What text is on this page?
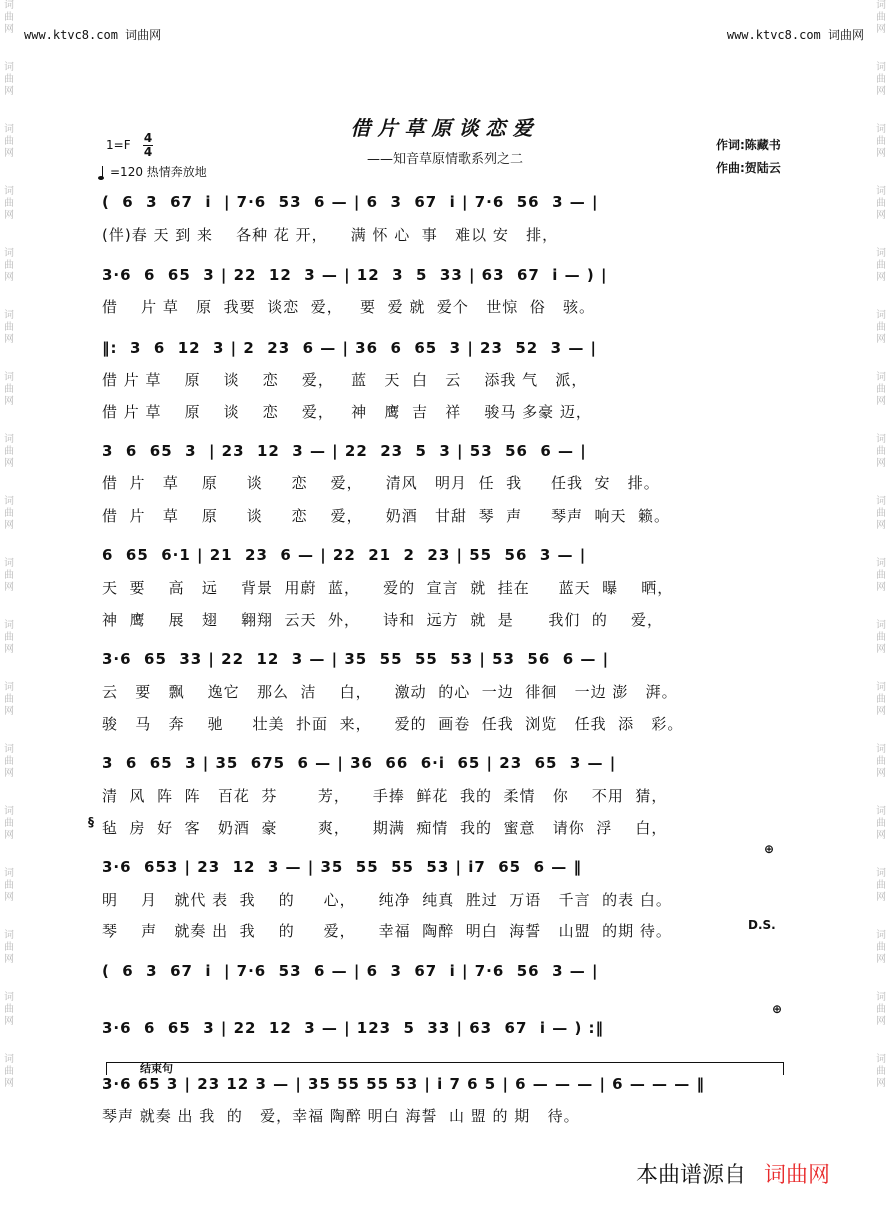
词
曲
网
词
曲
网
词
曲
网
词
曲
网
词
曲
网
词
曲
网
词
曲
网
词
曲
网
词
曲
网
词
曲
网
词
曲
网
词
曲
网
词
曲
网
词
曲
网
词
曲
网
词
曲
网
词
曲
网
词
曲
网
词
曲
网
词
曲
网
词
曲
网
词
曲
网
词
曲
网
词
曲
网
词
曲
网
词
曲
网
词
曲
网
词
曲
网
词
曲
网
词
曲
网
词
曲
网
词
曲
网
词
曲
网
词
曲
网
词
曲
网
词
曲
网
www.ktvc8.com 词曲网	www.ktvc8.com 词曲网
借片草原谈恋爱
——知音草原情歌系列之二
1=F 4
4
=120 热情奔放地
作词:陈藏书
作曲:贺陆云
(  6  3  67  i  | 7·6  53  6 — | 6  3  67  i | 7·6  56  3 — |
(伴)春 天 到 来    各种 花 开，    满 怀 心  事   难以 安   排，
3·6  6  65  3 | 22  12  3 — | 12  3  5  33 | 63  67  i — ) |
借    片 草   原  我要  谈恋  爱，   要  爱 就  爱个   世惊  俗   骇。
‖:  3  6  12  3 | 2  23  6 — | 36  6  65  3 | 23  52  3 — |
借 片 草    原    谈    恋    爱，   蓝   天  白   云    添我 气   派，
借 片 草    原    谈    恋    爱，   神   鹰  吉   祥    骏马 多豪 迈，
3  6  65  3  | 23  12  3 — | 22  23  5  3 | 53  56  6 — |
借  片   草    原     谈     恋    爱，    清风   明月  任  我     任我  安   排。
借  片   草    原     谈     恋    爱，    奶酒   甘甜  琴  声     琴声  响天  籁。
6  65  6·1 | 21  23  6 — | 22  21  2  23 | 55  56  3 — |
天  要    高   远    背景  用蔚  蓝，    爱的  宣言  就  挂在     蓝天  曝    晒，
神  鹰    展   翅    翱翔  云天  外，    诗和  远方  就  是      我们  的    爱，
3·6  65  33 | 22  12  3 — | 35  55  55  53 | 53  56  6 — |
云   要   飘    逸它   那么  洁    白，    激动  的心  一边  徘徊   一边 澎   湃。
骏   马   奔    驰     壮美  扑面  来，    爱的  画卷  任我  浏览   任我  添   彩。
3  6  65  3 | 35  675  6 — | 36  66  6·i  65 | 23  65  3 — |
清  风  阵  阵   百花  芬       芳，    手捧  鲜花  我的  柔情   你    不用  猜，
§ 毡  房  好  客   奶酒  豪       爽，    期满  痴情  我的  蜜意   请你  浮    白，
⊕
3·6  653 | 23  12  3 — | 35  55  55  53 | i7  65  6 — ‖
明    月   就代 表  我    的     心，    纯净  纯真  胜过  万语   千言  的表 白。
琴    声   就奏 出  我    的     爱，    幸福  陶醉  明白  海誓   山盟  的期 待。	D.S.
(  6  3  67  i  | 7·6  53  6 — | 6  3  67  i | 7·6  56  3 — |
⊕
3·6  6  65  3 | 22  12  3 — | 123  5  33 | 63  67  i — ) :‖
结束句
3·6 65 3 | 23 12 3 — | 35 55 55 53 | i 7 6 5 | 6 — — — | 6 — — — ‖
琴声 就奏 出 我  的   爱，幸福 陶醉 明白 海誓  山 盟 的 期   待。
本曲谱源自 词曲网
